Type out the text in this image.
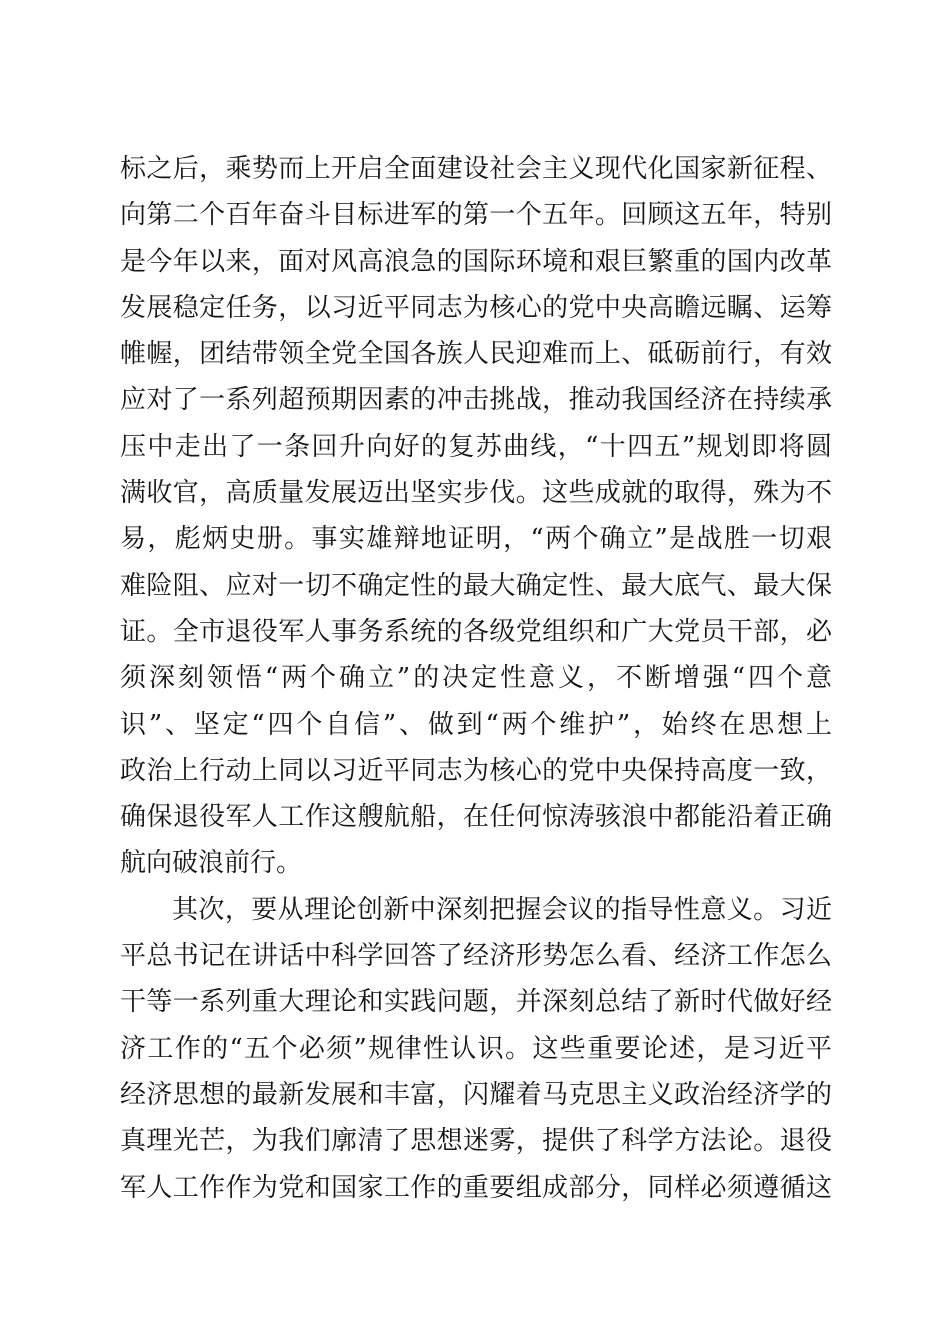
标之后，乘势而上开启全面建设社会主义现代化国家新征程、
向第二个百年奋斗目标进军的第一个五年。回顾这五年，特别
是今年以来，面对风高浪急的国际环境和艰巨繁重的国内改革
发展稳定任务，以习近平同志为核心的党中央高瞻远瞩、运筹
帷幄，团结带领全党全国各族人民迎难而上、砥砺前行，有效
应对了一系列超预期因素的冲击挑战，推动我国经济在持续承
压中走出了一条回升向好的复苏曲线，“十四五”规划即将圆
满收官，高质量发展迈出坚实步伐。这些成就的取得，殊为不
易，彪炳史册。事实雄辩地证明，“两个确立”是战胜一切艰
难险阻、应对一切不确定性的最大确定性、最大底气、最大保
证。全市退役军人事务系统的各级党组织和广大党员干部，必
须深刻领悟“两个确立”的决定性意义，不断增强“四个意
识”、坚定“四个自信”、做到“两个维护”，始终在思想上
政治上行动上同以习近平同志为核心的党中央保持高度一致，
确保退役军人工作这艘航船，在任何惊涛骇浪中都能沿着正确
航向破浪前行。
其次，要从理论创新中深刻把握会议的指导性意义。习近
平总书记在讲话中科学回答了经济形势怎么看、经济工作怎么
干等一系列重大理论和实践问题，并深刻总结了新时代做好经
济工作的“五个必须”规律性认识。这些重要论述，是习近平
经济思想的最新发展和丰富，闪耀着马克思主义政治经济学的
真理光芒，为我们廓清了思想迷雾，提供了科学方法论。退役
军人工作作为党和国家工作的重要组成部分，同样必须遵循这
